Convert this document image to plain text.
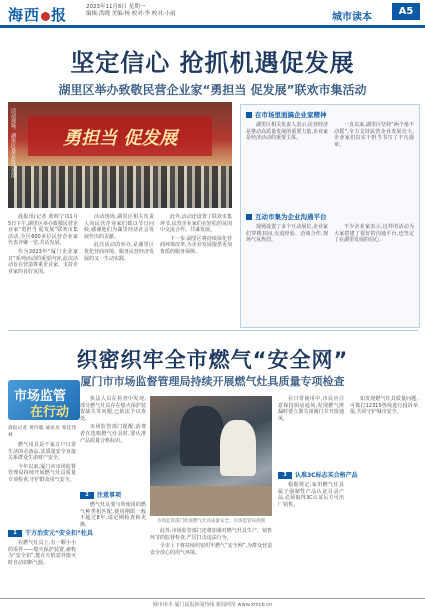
海西 报	2023年11月6日 星期一
编辑:洪晓 美编:杨 校对:李 校对:小雨	城市读本
A5
坚定信心 抢抓机遇促发展
湖里区举办致敬民营企业家“勇担当 促发展”联欢市集活动
勇担当 促发展
活动现场。湖里区委宣传部供图

晨报讯(记者 黄晖宁)11月5日下午,湖里区举办致敬民营企业家“勇担当 促发展”联欢市集活动,全区600多位民营企业家代表齐聚一堂,共话发展。

作为2023年“厦门企业家日”系列活动的重要内容,此次活动旨在营造尊重企业家、支持企业家的良好氛围。

活动现场,湖里区相关负责人向民营企业家们致以节日问候,感谢他们为湖里经济社会发展作出的贡献。

此次活动的举办,是湖里区优化营商环境、服务民营经济发展的又一生动实践。

此外,活动还设置了联欢市集环节,民营企业家们在轻松的氛围中交流合作、共谋发展。

下一步,湖里区将持续深化营商环境改革,为企业发展提供更加优质的服务保障。

在市场里面搞企业家精神

湖里区相关负责人表示,民营经济是推动高质量发展的重要力量,企业家是经济活动的重要主体。

一直以来,湖里区坚持“两个毫不动摇”,全力支持民营企业发展壮大,企业家们以实干担当书写了不凡篇章。

互动市集为企业沟通平台

现场设置了多个互动展位,企业家们穿梭其间,交流经验、洽谈合作,现场气氛热烈。

不少企业家表示,这样的活动为大家搭建了很好的沟通平台,也坚定了在湖里发展的信心。

织密织牢全市燃气“安全网”
厦门市市场监督管理局持续开展燃气灶具质量专项检查
市场监管
在行动
晨报记者 黄玲聪 通讯员 邹佳伟 林

燃气用具是千家万户日常生活的必备品,其质量安全直接关系群众生命财产安全。

今年以来,厦门市市场监督管理局持续开展燃气灶具质量专项检查,守护群众用气安全。

1 干方治安元“安全扣”杜具

在燃气灶具上,有一颗小小的零件——熄火保护装置,被称为“安全扣”,能在火焰意外熄灭时自动切断气源。

执法人员在检查中发现,部分燃气灶具存在熄火保护装置缺失等问题,已依法予以查处。

市场监管部门提醒,消费者在选购燃气灶具时,要认准产品质量合格标识。

2 注意事项

燃气灶具要与所使用的燃气种类相匹配,使用期限一般不超过8年,请定期检查和更换。

市场监管部门检查燃气灶具质量安全。市场监管局供图

此外,市场监管部门还将加强对燃气灶具生产、销售环节的监督检查,严厉打击违法行为。

全市上下将持续织密织牢燃气“安全网”,为群众营造安全放心的用气环境。

在日常使用中,市民应注意保持厨房通风,发现燃气泄漏时要立即关闭阀门并开窗通风。

3 认准3C标志买合格产品

根据规定,家用燃气灶具属于强制性产品认证目录产品,必须取得3C认证后方可出厂销售。

如发现燃气灶具质量问题,可拨打12315热线进行投诉举报,共同守护城市安全。

城市读本 厦门晨报新闻热线 新闻网址 www.xmcb.cn
